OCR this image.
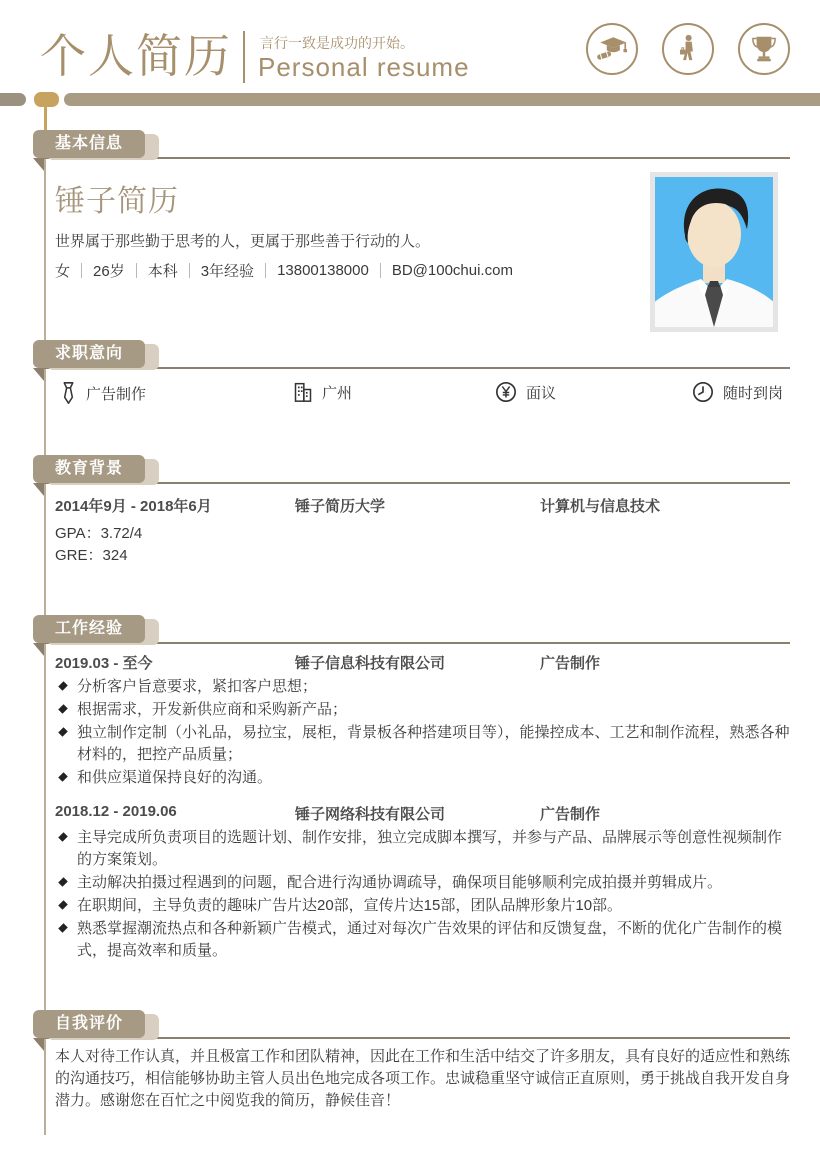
个人简历 言行一致是成功的开始。
Personal resume
基本信息
锤子简历
世界属于那些勤于思考的人，更属于那些善于行动的人。
女 26岁 本科 3年经验 13800138000 BD@100chui.com
求职意向
广告制作	广州	面议	随时到岗
教育背景
2014年9月 - 2018年6月	锤子简历大学	计算机与信息技术
GPA：3.72/4
GRE：324
工作经验
2019.03 - 至今	锤子信息科技有限公司	广告制作
分析客户旨意要求，紧扣客户思想；
根据需求，开发新供应商和采购新产品；
独立制作定制（小礼品，易拉宝，展柜，背景板各种搭建项目等），能操控成本、工艺和制作流程，熟悉各种材料的，把控产品质量；
和供应渠道保持良好的沟通。
2018.12 - 2019.06	锤子网络科技有限公司	广告制作
主导完成所负责项目的选题计划、制作安排，独立完成脚本撰写，并参与产品、品牌展示等创意性视频制作的方案策划。
主动解决拍摄过程遇到的问题，配合进行沟通协调疏导，确保项目能够顺利完成拍摄并剪辑成片。
在职期间，主导负责的趣味广告片达20部，宣传片达15部，团队品牌形象片10部。
熟悉掌握潮流热点和各种新颖广告模式，通过对每次广告效果的评估和反馈复盘，不断的优化广告制作的模式，提高效率和质量。
自我评价
本人对待工作认真，并且极富工作和团队精神，因此在工作和生活中结交了许多朋友，具有良好的适应性和熟练的沟通技巧，相信能够协助主管人员出色地完成各项工作。忠诚稳重坚守诚信正直原则，勇于挑战自我开发自身潜力。感谢您在百忙之中阅览我的简历，静候佳音！
